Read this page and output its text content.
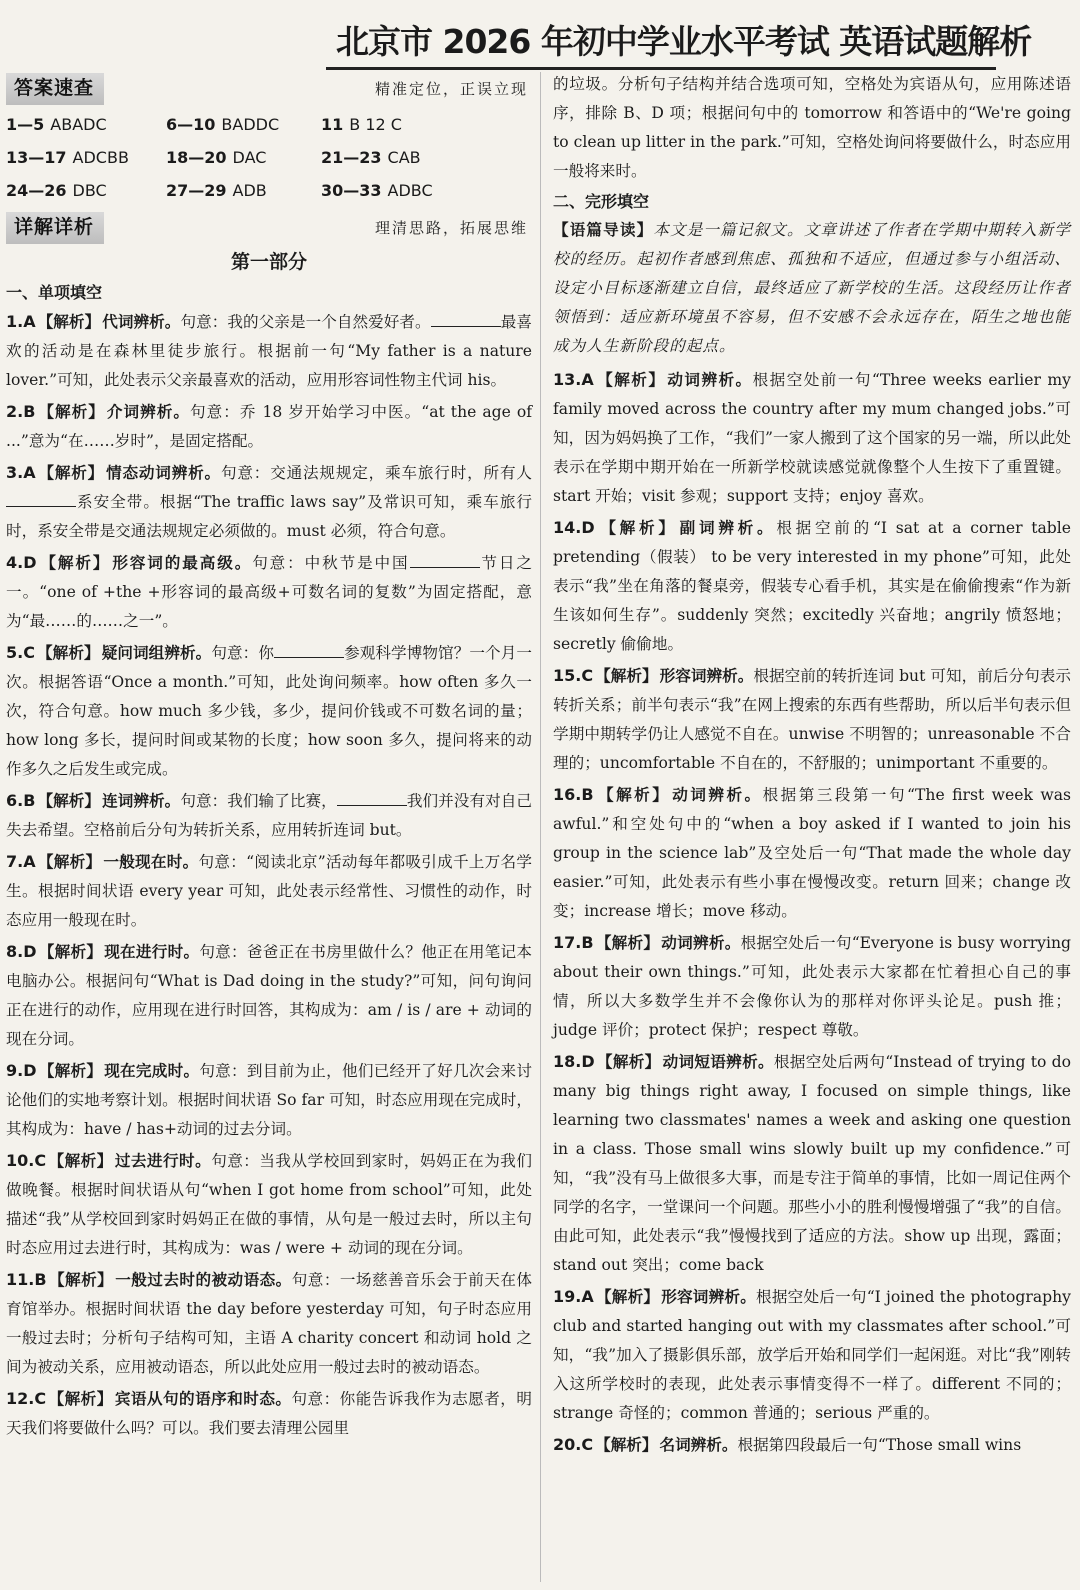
北京市 2026 年初中学业水平考试 英语试题解析
答案速查	精准定位，正误立现
1—5 ABADC	6—10 BADDC	11 B 12 C
13—17 ADCBB	18—20 DAC	21—23 CAB
24—26 DBC	27—29 ADB	30—33 ADBC
详解详析	理清思路，拓展思维
第一部分
一、单项填空
1.A 【解析】 代词辨析。句意：我的父亲是一个自然爱好者。	最喜欢的活动是在森林里徒步旅行。根据前一句“My father is a nature lover.”可知，此处表示父亲最喜欢的活动，应用形容词性物主代词 his。
2.B 【解析】 介词辨析。句意：乔 18 岁开始学习中医。“at the age of ...”意为“在……岁时”，是固定搭配。
3.A 【解析】 情态动词辨析。句意：交通法规规定，乘车旅行时，所有人系安全带。根据“The traffic laws say”及常识可知，乘车旅行时，系安全带是交通法规规定必须做的。must 必须，符合句意。
4.D 【解析】 形容词的最高级。句意：中秋节是中国	节日之一。“one of +the +形容词的最高级+可数名词的复数”为固定搭配，意为“最……的……之一”。
5.C 【解析】 疑问词组辨析。句意：你	参观科学博物馆？一个月一次。根据答语“Once a month.”可知，此处询问频率。how often 多久一次，符合句意。how much 多少钱，多少，提问价钱或不可数名词的量；how long 多长，提问时间或某物的长度；how soon 多久，提问将来的动作多久之后发生或完成。
6.B 【解析】 连词辨析。句意：我们输了比赛，	我们并没有对自己失去希望。空格前后分句为转折关系，应用转折连词 but。
7.A 【解析】 一般现在时。句意：“阅读北京”活动每年都吸引成千上万名学生。根据时间状语 every year 可知，此处表示经常性、习惯性的动作，时态应用一般现在时。
8.D 【解析】 现在进行时。句意：爸爸正在书房里做什么？他正在用笔记本电脑办公。根据问句“What is Dad doing in the study?”可知，问句询问正在进行的动作，应用现在进行时回答，其构成为：am / is / are + 动词的现在分词。
9.D 【解析】 现在完成时。句意：到目前为止，他们已经开了好几次会来讨论他们的实地考察计划。根据时间状语 So far 可知，时态应用现在完成时，其构成为：have / has+动词的过去分词。
10.C 【解析】 过去进行时。句意：当我从学校回到家时，妈妈正在为我们做晚餐。根据时间状语从句“when I got home from school”可知，此处描述“我”从学校回到家时妈妈正在做的事情，从句是一般过去时，所以主句时态应用过去进行时，其构成为：was / were + 动词的现在分词。
11.B 【解析】 一般过去时的被动语态。句意：一场慈善音乐会于前天在体育馆举办。根据时间状语 the day before yesterday 可知，句子时态应用一般过去时；分析句子结构可知，主语 A charity concert 和动词 hold 之间为被动关系，应用被动语态，所以此处应用一般过去时的被动语态。
12.C 【解析】 宾语从句的语序和时态。句意：你能告诉我作为志愿者，明天我们将要做什么吗？可以。我们要去清理公园里
的垃圾。分析句子结构并结合选项可知，空格处为宾语从句，应用陈述语序，排除 B、D 项；根据问句中的 tomorrow 和答语中的“We're going to clean up litter in the park.”可知，空格处询问将要做什么，时态应用一般将来时。
二、完形填空
【语篇导读】本文是一篇记叙文。文章讲述了作者在学期中期转入新学校的经历。起初作者感到焦虑、孤独和不适应，但通过参与小组活动、设定小目标逐渐建立自信，最终适应了新学校的生活。这段经历让作者领悟到：适应新环境虽不容易，但不安感不会永远存在，陌生之地也能成为人生新阶段的起点。
13.A 【解析】 动词辨析。根据空处前一句“Three weeks earlier my family moved across the country after my mum changed jobs.”可知，因为妈妈换了工作，“我们”一家人搬到了这个国家的另一端，所以此处表示在学期中期开始在一所新学校就读感觉就像整个人生按下了重置键。start 开始；visit 参观；support 支持；enjoy 喜欢。
14.D 【解析】 副词辨析。根据空前的“I sat at a corner table pretending（假装） to be very interested in my phone”可知，此处表示“我”坐在角落的餐桌旁，假装专心看手机，其实是在偷偷搜索“作为新生该如何生存”。suddenly 突然；excitedly 兴奋地；angrily 愤怒地；secretly 偷偷地。
15.C 【解析】 形容词辨析。根据空前的转折连词 but 可知，前后分句表示转折关系；前半句表示“我”在网上搜索的东西有些帮助，所以后半句表示但学期中期转学仍让人感觉不自在。unwise 不明智的；unreasonable 不合理的；uncomfortable 不自在的，不舒服的；unimportant 不重要的。
16.B 【解析】 动词辨析。根据第三段第一句“The first week was awful.”和空处句中的“when a boy asked if I wanted to join his group in the science lab”及空处后一句“That made the whole day easier.”可知，此处表示有些小事在慢慢改变。return 回来；change 改变；increase 增长；move 移动。
17.B 【解析】 动词辨析。根据空处后一句“Everyone is busy worrying about their own things.”可知，此处表示大家都在忙着担心自己的事情，所以大多数学生并不会像你认为的那样对你评头论足。push 推；judge 评价；protect 保护；respect 尊敬。
18.D 【解析】 动词短语辨析。根据空处后两句“Instead of trying to do many big things right away, I focused on simple things, like learning two classmates' names a week and asking one question in a class. Those small wins slowly built up my confidence.”可知，“我”没有马上做很多大事，而是专注于简单的事情，比如一周记住两个同学的名字，一堂课问一个问题。那些小小的胜利慢慢增强了“我”的自信。由此可知，此处表示“我”慢慢找到了适应的方法。show up 出现，露面；stand out 突出；come back
19.A 【解析】 形容词辨析。根据空处后一句“I joined the photography club and started hanging out with my classmates after school.”可知，“我”加入了摄影俱乐部，放学后开始和同学们一起闲逛。对比“我”刚转入这所学校时的表现，此处表示事情变得不一样了。different 不同的；strange 奇怪的；common 普通的；serious 严重的。
20.C 【解析】 名词辨析。根据第四段最后一句“Those small wins
